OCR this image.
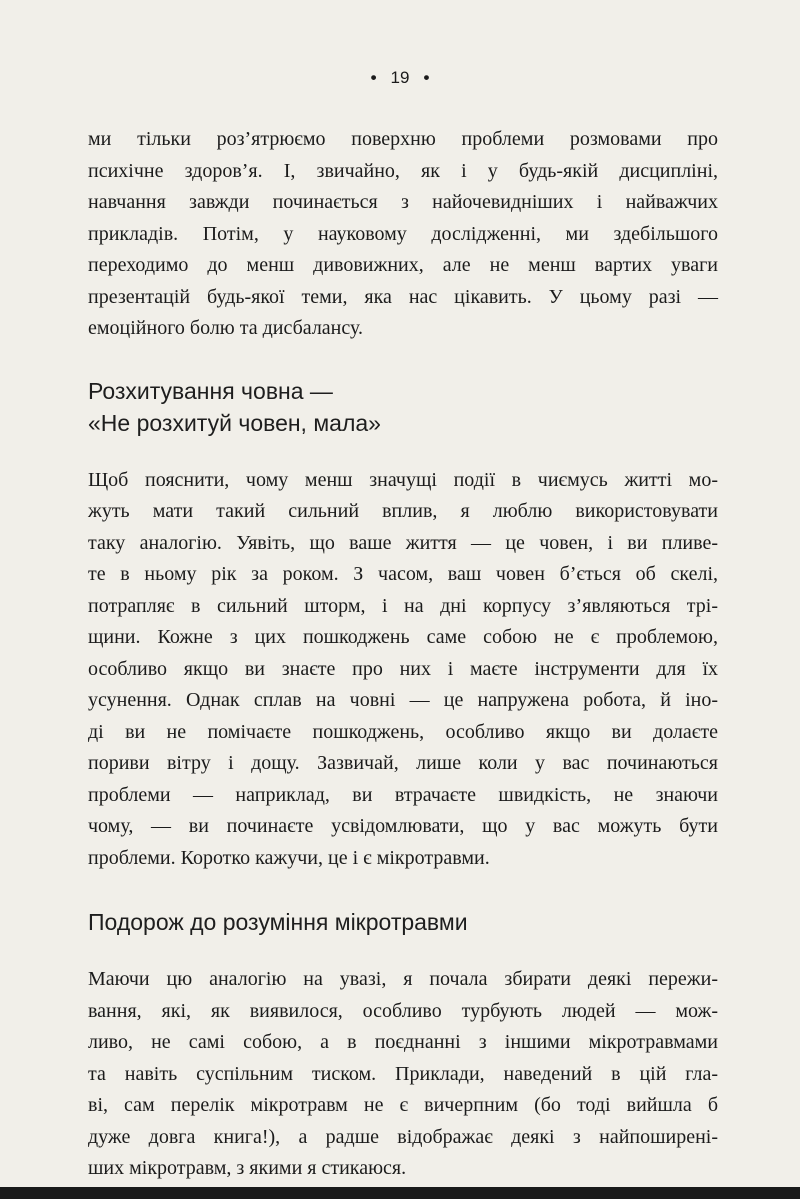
• 19 •

ми тільки роз’ятрюємо поверхню проблеми розмовами про
психічне здоров’я. І, звичайно, як і у будь-якій дисципліні,
навчання завжди починається з найочевидніших і найважчих
прикладів. Потім, у науковому дослідженні, ми здебільшого
переходимо до менш дивовижних, але не менш вартих уваги
презентацій будь-якої теми, яка нас цікавить. У цьому разі —
емоційного болю та дисбалансу.

Розхитування човна —
«Не розхитуй човен, мала»

Щоб пояснити, чому менш значущі події в чиємусь житті мо-
жуть мати такий сильний вплив, я люблю використовувати
таку аналогію. Уявіть, що ваше життя — це човен, і ви пливе-
те в ньому рік за роком. З часом, ваш човен б’ється об скелі,
потрапляє в сильний шторм, і на дні корпусу з’являються трі-
щини. Кожне з цих пошкоджень саме собою не є проблемою,
особливо якщо ви знаєте про них і маєте інструменти для їх
усунення. Однак сплав на човні — це напружена робота, й іно-
ді ви не помічаєте пошкоджень, особливо якщо ви долаєте
пориви вітру і дощу. Зазвичай, лише коли у вас починаються
проблеми — наприклад, ви втрачаєте швидкість, не знаючи
чому, — ви починаєте усвідомлювати, що у вас можуть бути
проблеми. Коротко кажучи, це і є мікротравми.

Подорож до розуміння мікротравми

Маючи цю аналогію на увазі, я почала збирати деякі пережи-
вання, які, як виявилося, особливо турбують людей — мож-
ливо, не самі собою, а в поєднанні з іншими мікротравмами
та навіть суспільним тиском. Приклади, наведений в цій гла-
ві, сам перелік мікротравм не є вичерпним (бо тоді вийшла б
дуже довга книга!), а радше відображає деякі з найпоширені-
ших мікротравм, з якими я стикаюся.
